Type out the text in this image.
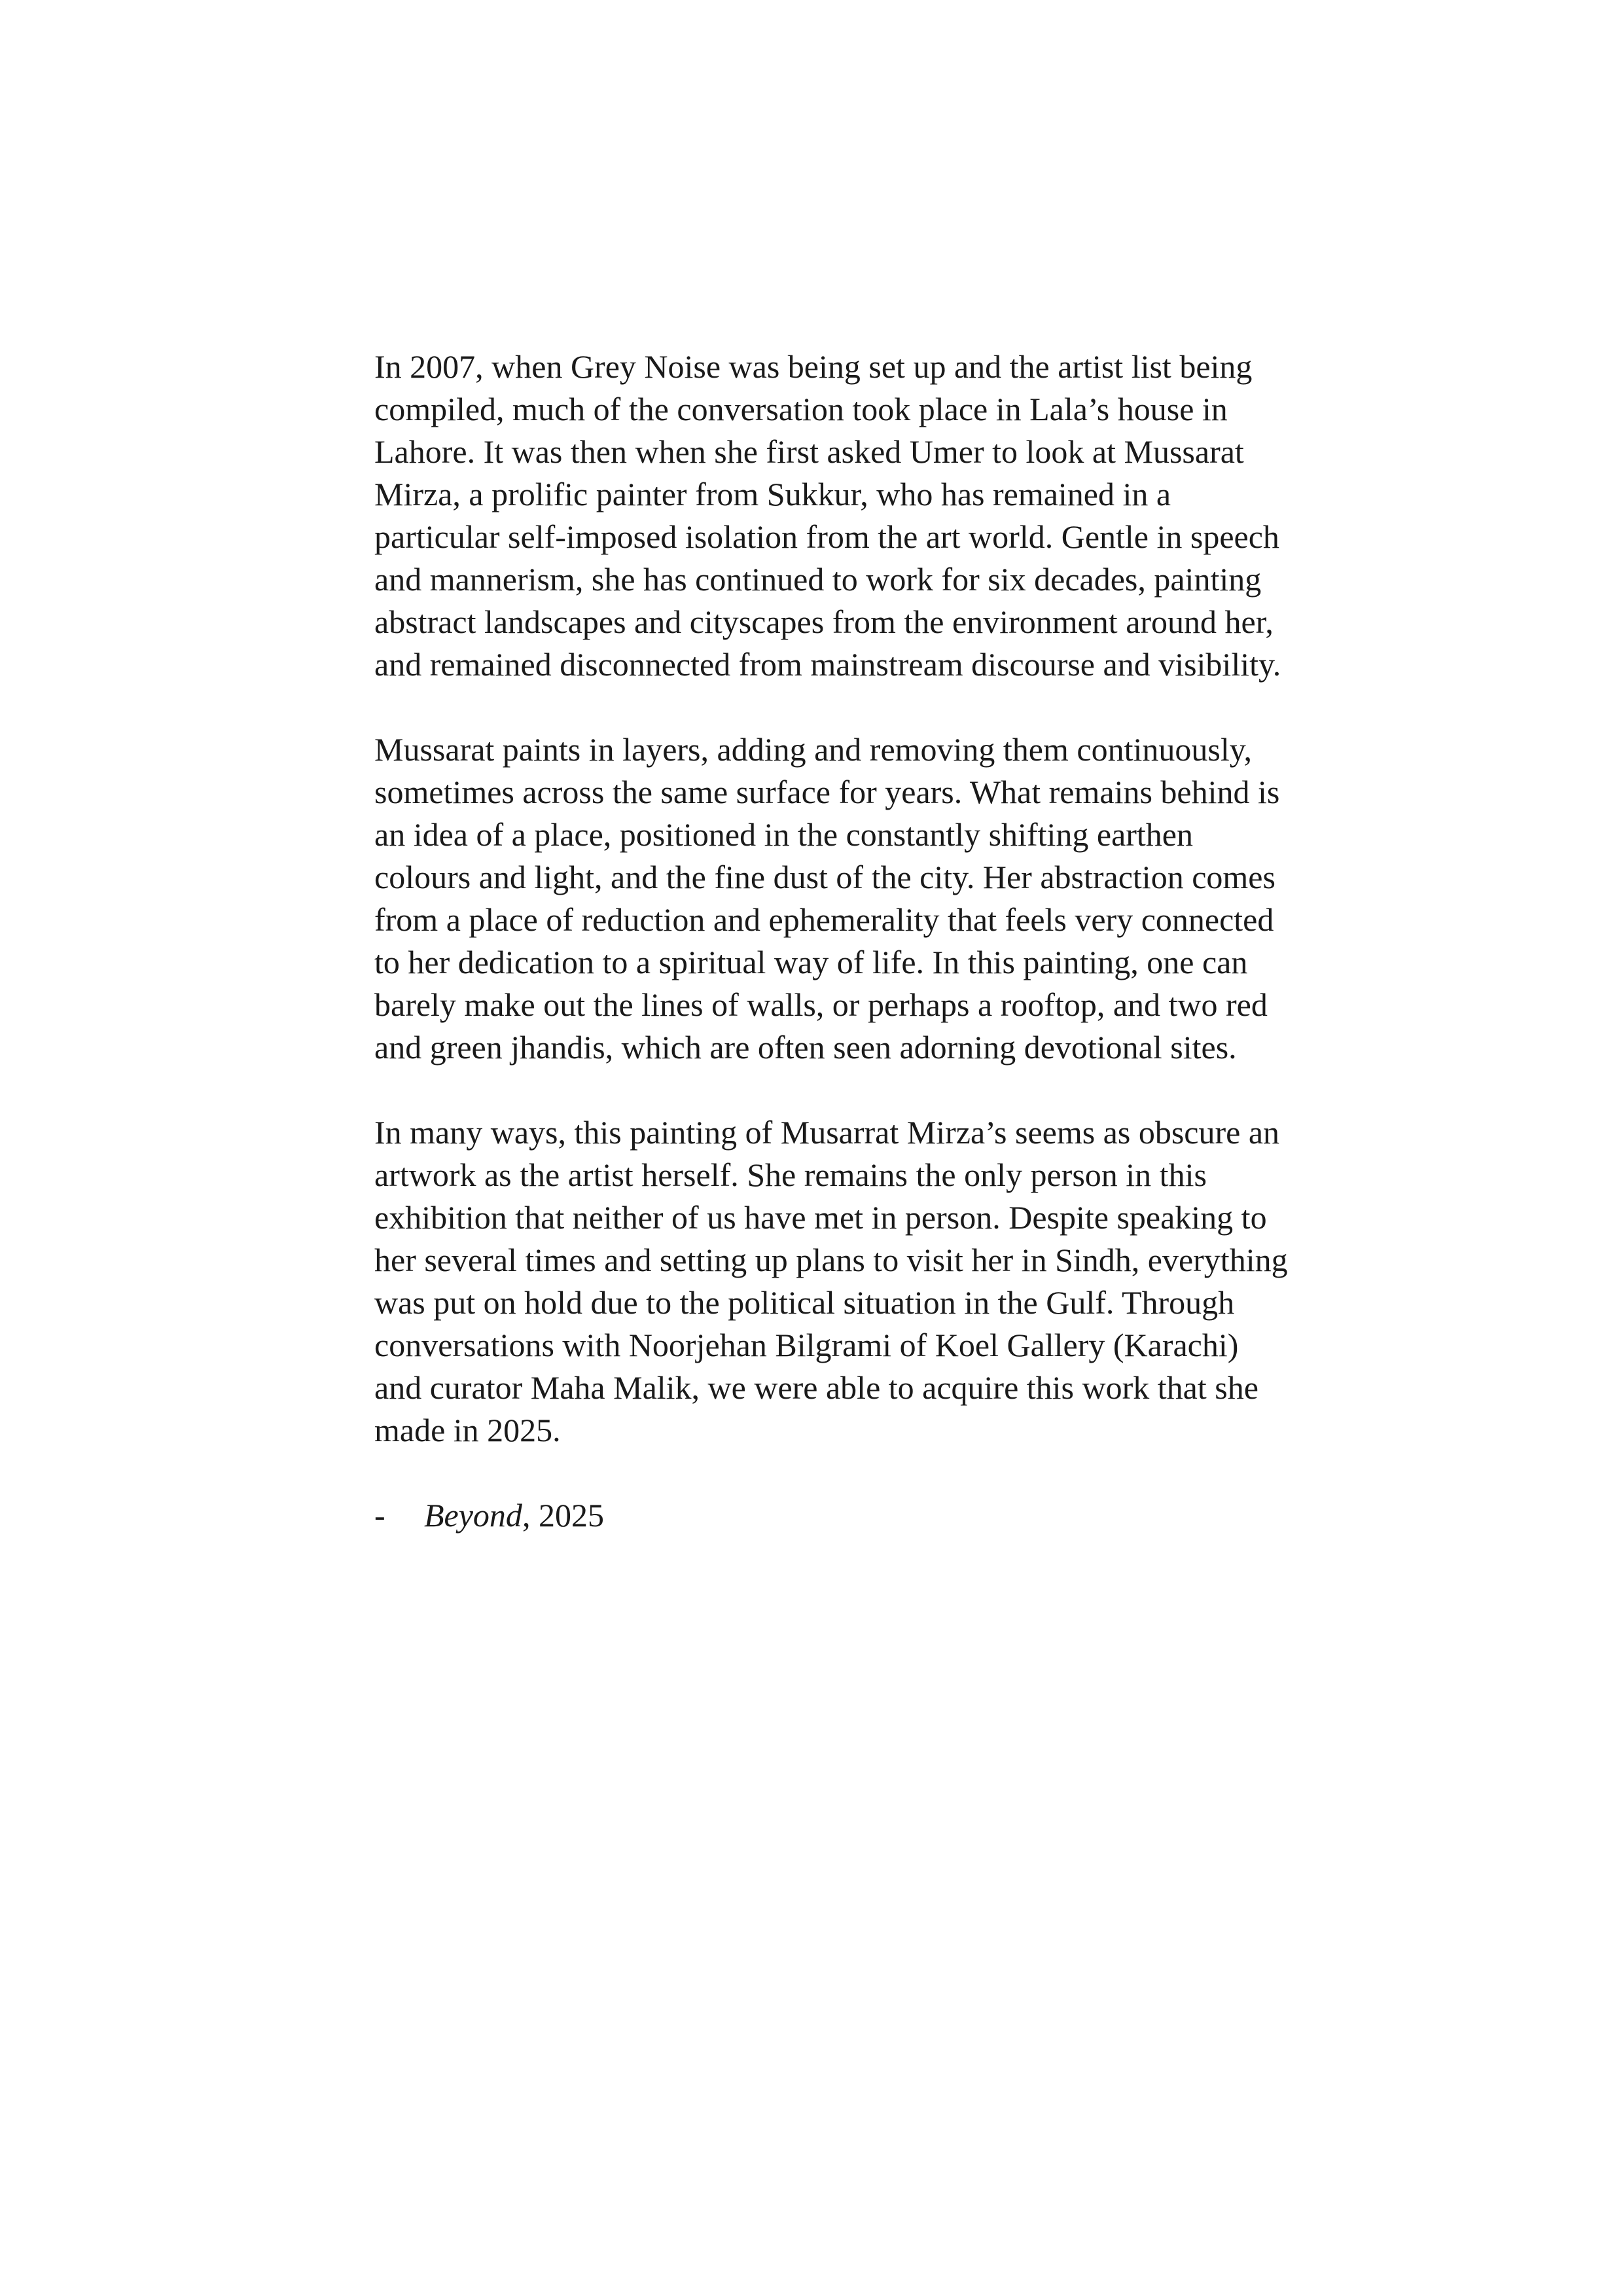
In 2007, when Grey Noise was being set up and the artist list being
compiled, much of the conversation took place in Lala’s house in
Lahore. It was then when she first asked Umer to look at Mussarat
Mirza, a prolific painter from Sukkur, who has remained in a
particular self-imposed isolation from the art world. Gentle in speech
and mannerism, she has continued to work for six decades, painting
abstract landscapes and cityscapes from the environment around her,
and remained disconnected from mainstream discourse and visibility.

Mussarat paints in layers, adding and removing them continuously,
sometimes across the same surface for years. What remains behind is
an idea of a place, positioned in the constantly shifting earthen
colours and light, and the fine dust of the city. Her abstraction comes
from a place of reduction and ephemerality that feels very connected
to her dedication to a spiritual way of life. In this painting, one can
barely make out the lines of walls, or perhaps a rooftop, and two red
and green jhandis, which are often seen adorning devotional sites.

In many ways, this painting of Musarrat Mirza’s seems as obscure an
artwork as the artist herself. She remains the only person in this
exhibition that neither of us have met in person. Despite speaking to
her several times and setting up plans to visit her in Sindh, everything
was put on hold due to the political situation in the Gulf. Through
conversations with Noorjehan Bilgrami of Koel Gallery (Karachi)
and curator Maha Malik, we were able to acquire this work that she
made in 2025.

- Beyond, 2025
